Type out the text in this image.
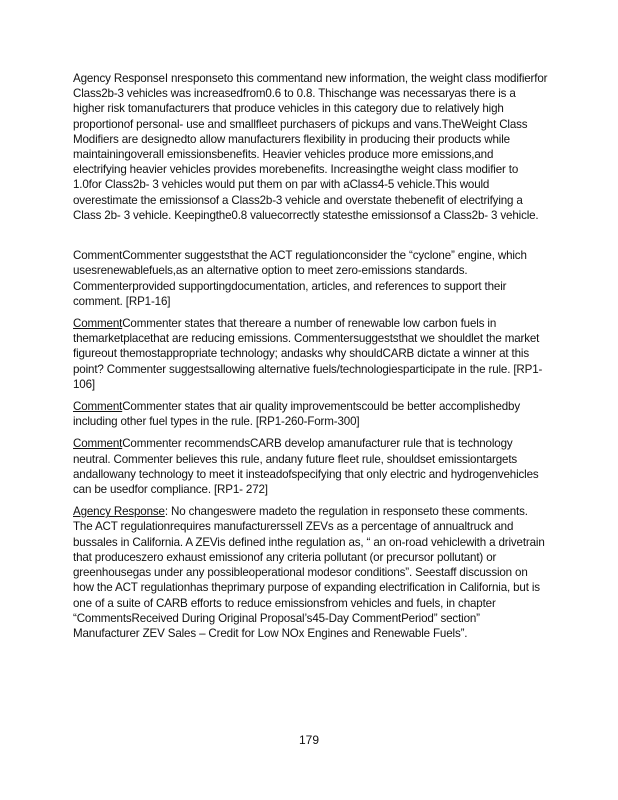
Agency ResponseI nresponseto this commentand new information, the weight class modifierfor Class2b-3 vehicles was increasedfrom0.6 to 0.8. Thischange was necessaryas there is a higher risk tomanufacturers that produce vehicles in this category due to relatively high proportionof personal- use and smallfleet purchasers of pickups and vans.TheWeight Class Modifiers are designedto allow manufacturers flexibility in producing their products while maintainingoverall emissionsbenefits. Heavier vehicles produce more emissions,and electrifying heavier vehicles provides morebenefits. Increasingthe weight class modifier to 1.0for Class2b- 3 vehicles would put them on par with aClass4-5 vehicle.This would overestimate the emissionsof a Class2b-3 vehicle and overstate thebenefit of electrifying a Class 2b- 3 vehicle. Keepingthe0.8 valuecorrectly statesthe emissionsof a Class2b- 3 vehicle.

CommentCommenter suggeststhat the ACT regulationconsider the “cyclone” engine, which usesrenewablefuels,as an alternative option to meet zero-emissions standards. Commenterprovided supportingdocumentation, articles, and references to support their comment. [RP1-16]

CommentCommenter states that thereare a number of renewable low carbon fuels in themarketplacethat are reducing emissions. Commentersuggeststhat we shouldlet the market figureout themostappropriate technology; andasks why shouldCARB dictate a winner at this point? Commenter suggestsallowing alternative fuels/technologiesparticipate in the rule. [RP1-106]

CommentCommenter states that air quality improvementscould be better accomplishedby including other fuel types in the rule. [RP1-260-Form-300]

CommentCommenter recommendsCARB develop amanufacturer rule that is technology neutral. Commenter believes this rule, andany future fleet rule, shouldset emissiontargets andallowany technology to meet it insteadofspecifying that only electric and hydrogenvehicles can be usedfor compliance. [RP1- 272]

Agency Response: No changeswere madeto the regulation in responseto these comments. The ACT regulationrequires manufacturerssell ZEVs as a percentage of annualtruck and bussales in California. A ZEVis defined inthe regulation as, “ an on-road vehiclewith a drivetrain that produceszero exhaust emissionof any criteria pollutant (or precursor pollutant) or greenhousegas under any possibleoperational modesor conditions”. Seestaff discussion on how the ACT regulationhas theprimary purpose of expanding electrification in California, but is one of a suite of CARB efforts to reduce emissionsfrom vehicles and fuels, in chapter “CommentsReceived During Original Proposal’s45-Day CommentPeriod” section” Manufacturer ZEV Sales – Credit for Low NOx Engines and Renewable Fuels”.

179
